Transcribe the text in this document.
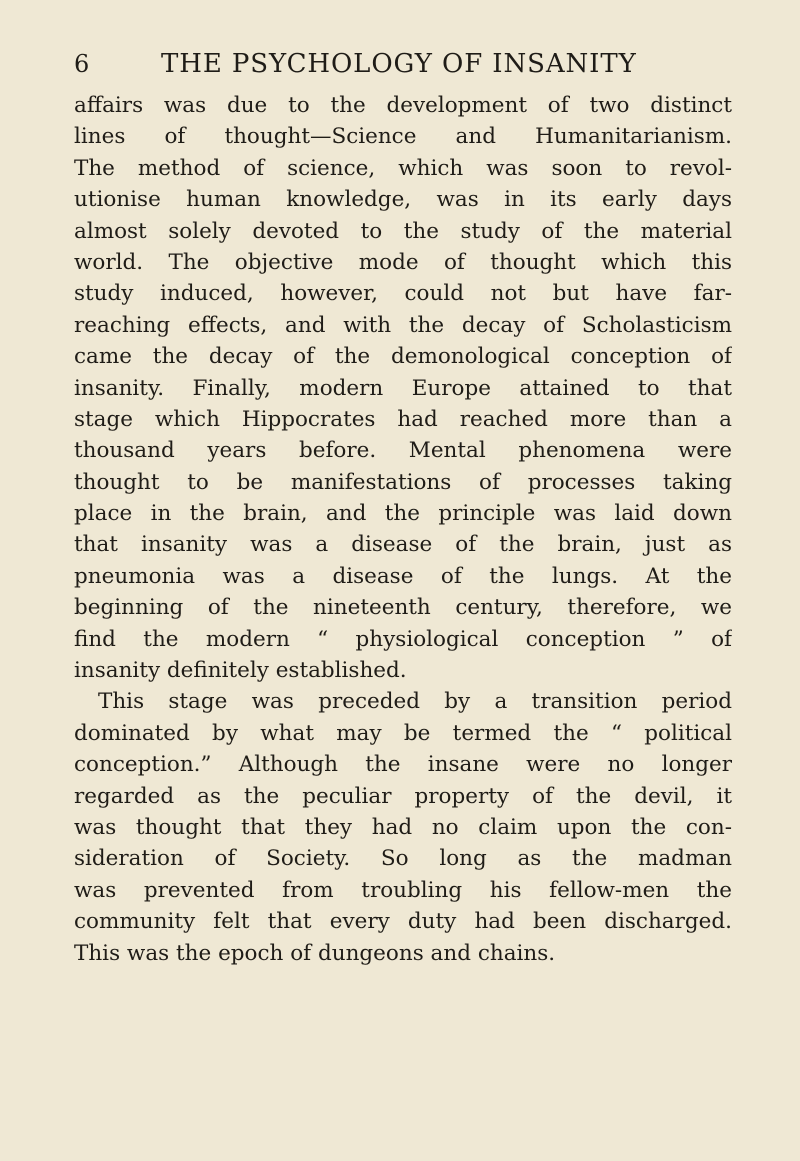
6	THE PSYCHOLOGY OF INSANITY
affairs was due to the development of two distinct
lines of thought—Science and Humanitarianism.
The method of science, which was soon to revol-
utionise human knowledge, was in its early days
almost solely devoted to the study of the material
world. The objective mode of thought which this
study induced, however, could not but have far-
reaching effects, and with the decay of Scholasticism
came the decay of the demonological conception of
insanity. Finally, modern Europe attained to that
stage which Hippocrates had reached more than a
thousand years before. Mental phenomena were
thought to be manifestations of processes taking
place in the brain, and the principle was laid down
that insanity was a disease of the brain, just as
pneumonia was a disease of the lungs. At the
beginning of the nineteenth century, therefore, we
find the modern “ physiological conception ” of
insanity definitely established.
This stage was preceded by a transition period
dominated by what may be termed the “ political
conception.” Although the insane were no longer
regarded as the peculiar property of the devil, it
was thought that they had no claim upon the con-
sideration of Society. So long as the madman
was prevented from troubling his fellow-men the
community felt that every duty had been discharged.
This was the epoch of dungeons and chains.
